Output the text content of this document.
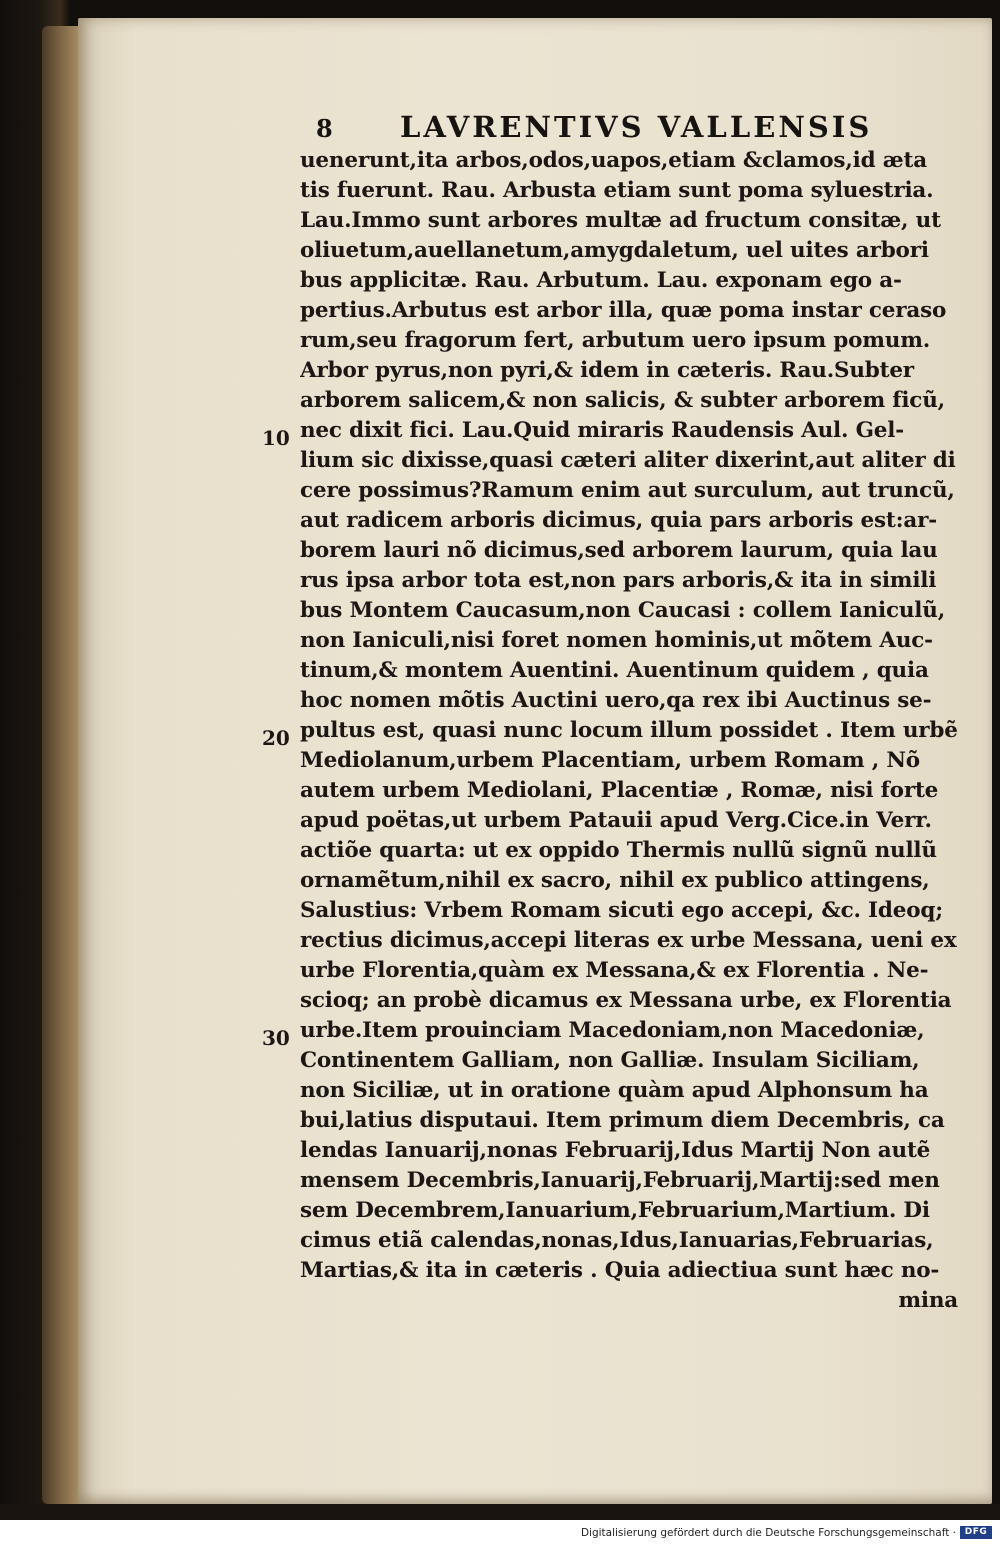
8 LAVRENTIVS VALLENSIS
10
20
30
uenerunt,ita arbos,odos,uapos,etiam &clamos,id æta
tis fuerunt. Rau. Arbusta etiam sunt poma syluestria.
Lau.Immo sunt arbores multæ ad fructum consitæ, ut
oliuetum,auellanetum,amygdaletum, uel uites arbori
bus applicitæ. Rau. Arbutum. Lau. exponam ego a-
pertius.Arbutus est arbor illa, quæ poma instar ceraso
rum,seu fragorum fert, arbutum uero ipsum pomum.
Arbor pyrus,non pyri,& idem in cæteris. Rau.Subter
arborem salicem,& non salicis, & subter arborem ficũ,
nec dixit fici. Lau.Quid miraris Raudensis Aul. Gel-
lium sic dixisse,quasi cæteri aliter dixerint,aut aliter di
cere possimus?Ramum enim aut surculum, aut truncũ,
aut radicem arboris dicimus, quia pars arboris est:ar-
borem lauri nõ dicimus,sed arborem laurum, quia lau
rus ipsa arbor tota est,non pars arboris,& ita in simili
bus Montem Caucasum,non Caucasi : collem Ianiculũ,
non Ianiculi,nisi foret nomen hominis,ut mõtem Auc-
tinum,& montem Auentini. Auentinum quidem , quia
hoc nomen mõtis Auctini uero,qa rex ibi Auctinus se-
pultus est, quasi nunc locum illum possidet . Item urbẽ
Mediolanum,urbem Placentiam, urbem Romam , Nõ
autem urbem Mediolani, Placentiæ , Romæ, nisi forte
apud poëtas,ut urbem Patauii apud Verg.Cice.in Verr.
actiõe quarta: ut ex oppido Thermis nullũ signũ nullũ
ornamẽtum,nihil ex sacro, nihil ex publico attingens,
Salustius: Vrbem Romam sicuti ego accepi, &c. Ideoq;
rectius dicimus,accepi literas ex urbe Messana, ueni ex
urbe Florentia,quàm ex Messana,& ex Florentia . Ne-
scioq; an probè dicamus ex Messana urbe, ex Florentia
urbe.Item prouinciam Macedoniam,non Macedoniæ,
Continentem Galliam, non Galliæ. Insulam Siciliam,
non Siciliæ, ut in oratione quàm apud Alphonsum ha
bui,latius disputaui. Item primum diem Decembris, ca
lendas Ianuarij,nonas Februarij,Idus Martij Non autẽ
mensem Decembris,Ianuarij,Februarij,Martij:sed men
sem Decembrem,Ianuarium,Februarium,Martium. Di
cimus etiã calendas,nonas,Idus,Ianuarias,Februarias,
Martias,& ita in cæteris . Quia adiectiua sunt hæc no-
mina
Digitalisierung gefördert durch die Deutsche Forschungsgemeinschaft · DFG
